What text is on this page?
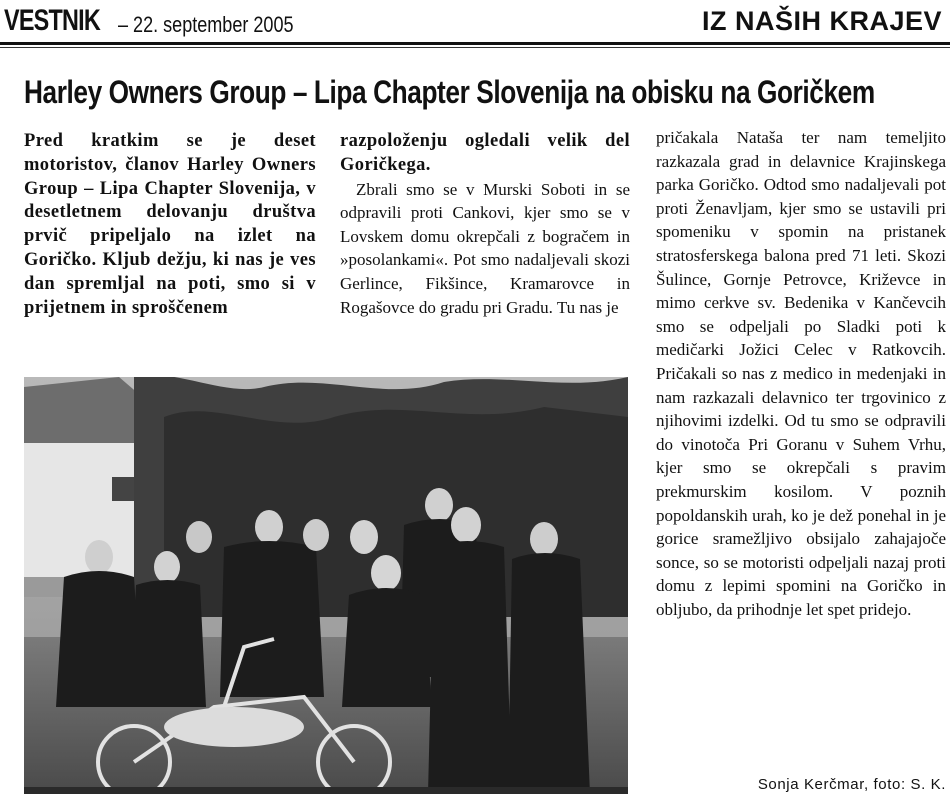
VESTNIK – 22. september 2005	IZ NAŠIH KRAJEV
Harley Owners Group – Lipa Chapter Slovenija na obisku na Goričkem

Pred kratkim se je deset motoristov, članov Harley Owners Group – Lipa Chapter Slovenija, v desetletnem delovanju društva prvič pripeljalo na izlet na Goričko. Kljub dežju, ki nas je ves dan spremljal na poti, smo si v prijetnem in sproščenem

razpoloženju ogledali velik del Goričkega.

Zbrali smo se v Murski Soboti in se odpravili proti Cankovi, kjer smo se v Lovskem domu okrepčali z bogračem in »posolankami«. Pot smo nadaljevali skozi Gerlince, Fikšince, Kramarovce in Rogašovce do gradu pri Gradu. Tu nas je

pričakala Nataša ter nam temeljito razkazala grad in delavnice Krajinskega parka Goričko. Odtod smo nadaljevali pot proti Ženavljam, kjer smo se ustavili pri spomeniku v spomin na pristanek stratosferskega balona pred 71 leti. Skozi Šulince, Gornje Petrovce, Križevce in mimo cerkve sv. Bedenika v Kančevcih smo se odpeljali po Sladki poti k medičarki Jožici Celec v Ratkovcih. Pričakali so nas z medico in medenjaki in nam razkazali delavnico ter trgovinico z njihovimi izdelki. Od tu smo se odpravili do vinotoča Pri Goranu v Suhem Vrhu, kjer smo se okrepčali s pravim prekmurskim kosilom. V poznih popoldanskih urah, ko je dež ponehal in je gorice sramežljivo obsijalo zahajajoče sonce, so se motoristi odpeljali nazaj proti domu z lepimi spomini na Goričko in obljubo, da prihodnje let spet pridejo.

Sonja Kerčmar, foto: S. K.
